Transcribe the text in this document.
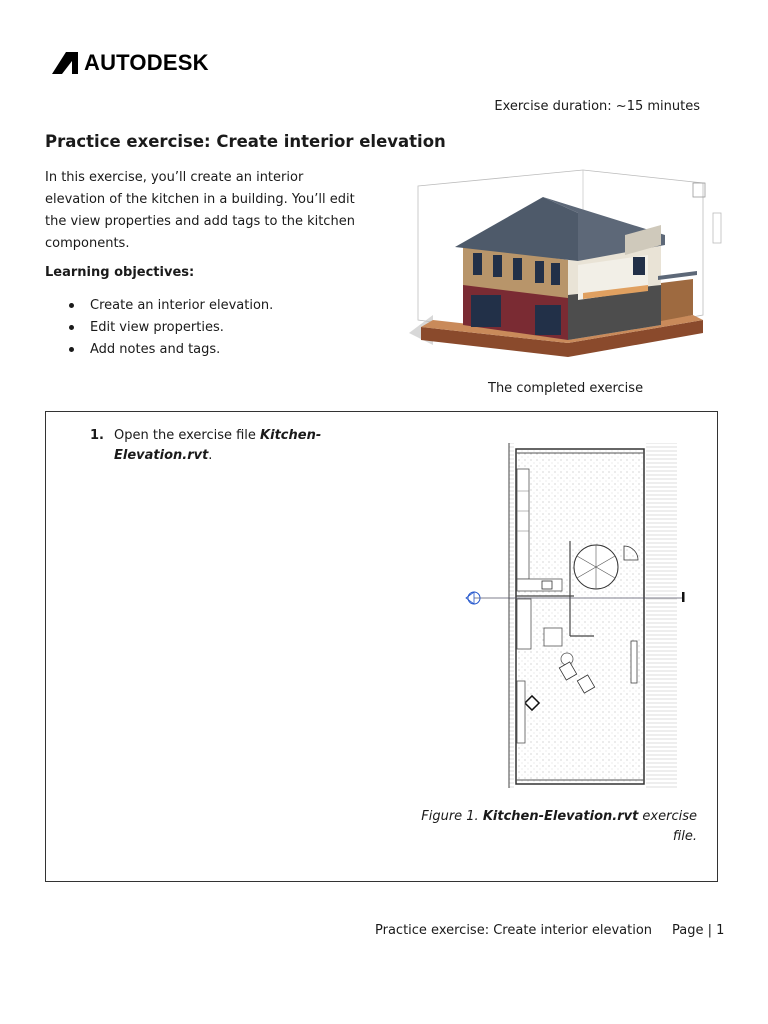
AUTODESK
Exercise duration: ~15 minutes
Practice exercise: Create interior elevation

In this exercise, you’ll create an interior elevation of the kitchen in a building. You’ll edit the view properties and add tags to the kitchen components.

Learning objectives:

Create an interior elevation.
Edit view properties.
Add notes and tags.
The completed exercise
1. Open the exercise file Kitchen-Elevation.rvt.
Figure 1. Kitchen-Elevation.rvt exercise file.
Practice exercise: Create interior elevation Page | 1
